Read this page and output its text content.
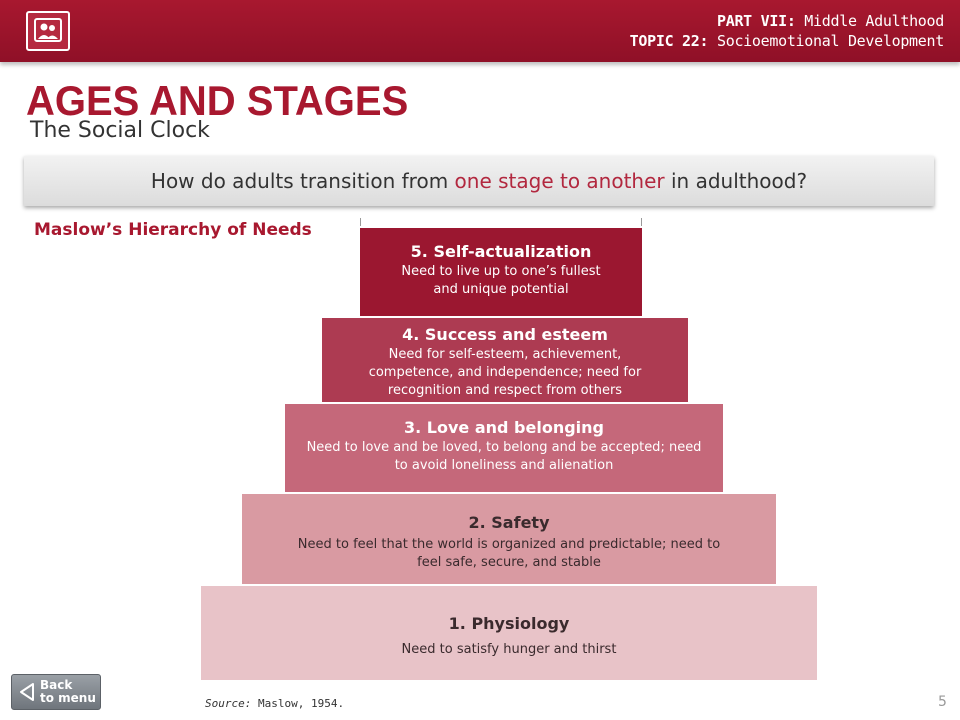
PART VII: Middle Adulthood
TOPIC 22: Socioemotional Development
AGES AND STAGES
The Social Clock
How do adults transition from one stage to another in adulthood?
Maslow’s Hierarchy of Needs
5. Self-actualization
Need to live up to one’s fullest and unique potential
4. Success and esteem
Need for self-esteem, achievement, competence, and independence; need for recognition and respect from others
3. Love and belonging
Need to love and be loved, to belong and be accepted; need to avoid loneliness and alienation
2. Safety
Need to feel that the world is organized and predictable; need to feel safe, secure, and stable
1. Physiology
Need to satisfy hunger and thirst
Back
to menu	Source: Maslow, 1954.	5
